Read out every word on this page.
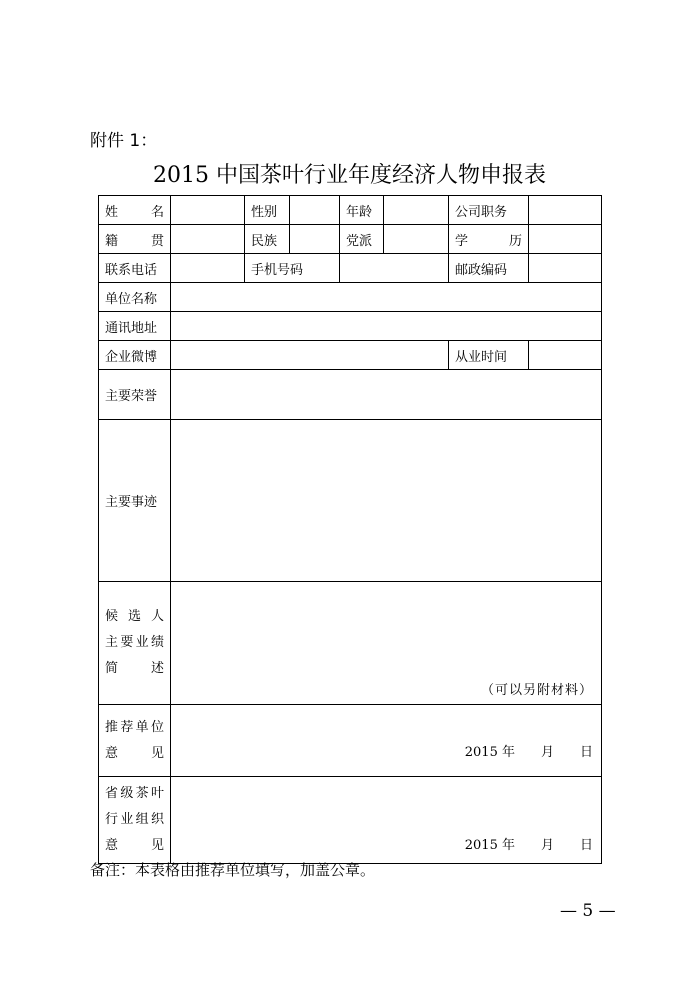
附件 1：
2015 中国茶叶行业年度经济人物申报表
姓　名		性别		年龄		公司职务	
籍　贯		民族		党派		学　历	
联系电话		手机号码				邮政编码	
单位名称							
通讯地址							
企业微博						从业时间	
主要荣誉							
主要事迹							

候选人
主要业绩
简　述	（可以另附材料）						

推荐单位
意　见	2015 年　　月　　日						

省级茶叶
行业组织
意　见	2015 年　　月　　日						
备注：本表格由推荐单位填写，加盖公章。
— 5 —
